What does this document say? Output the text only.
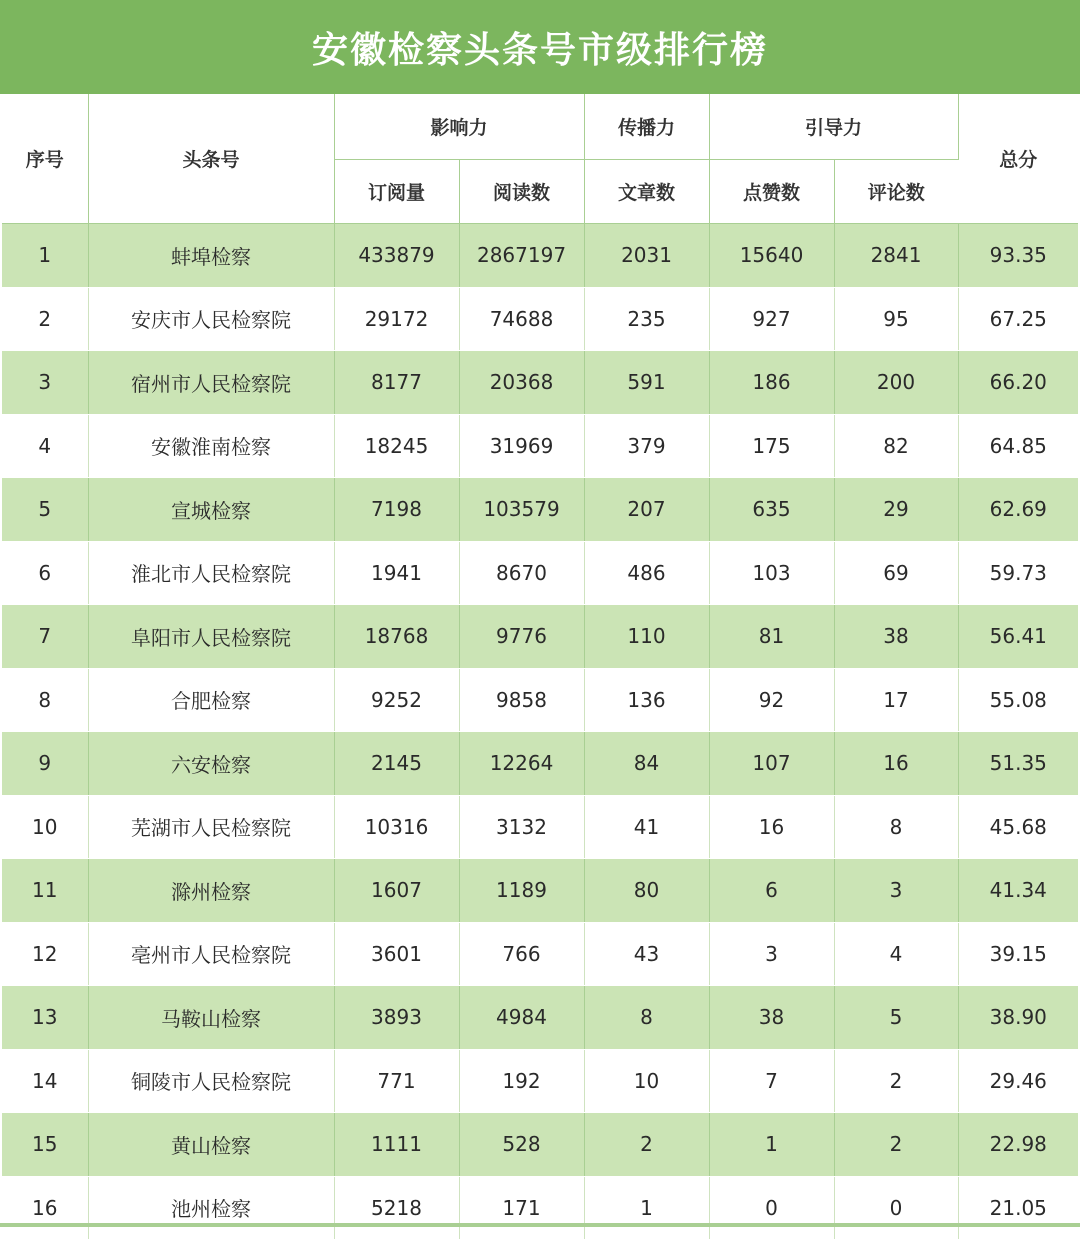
安徽检察头条号市级排行榜
序号	头条号	影响力		传播力	引导力		总分
		订阅量	阅读数	文章数	点赞数	评论数	
1	蚌埠检察	433879	2867197	2031	15640	2841	93.35
2	安庆市人民检察院	29172	74688	235	927	95	67.25
3	宿州市人民检察院	8177	20368	591	186	200	66.20
4	安徽淮南检察	18245	31969	379	175	82	64.85
5	宣城检察	7198	103579	207	635	29	62.69
6	淮北市人民检察院	1941	8670	486	103	69	59.73
7	阜阳市人民检察院	18768	9776	110	81	38	56.41
8	合肥检察	9252	9858	136	92	17	55.08
9	六安检察	2145	12264	84	107	16	51.35
10	芜湖市人民检察院	10316	3132	41	16	8	45.68
11	滁州检察	1607	1189	80	6	3	41.34
12	亳州市人民检察院	3601	766	43	3	4	39.15
13	马鞍山检察	3893	4984	8	38	5	38.90
14	铜陵市人民检察院	771	192	10	7	2	29.46
15	黄山检察	1111	528	2	1	2	22.98
16	池州检察	5218	171	1	0	0	21.05
